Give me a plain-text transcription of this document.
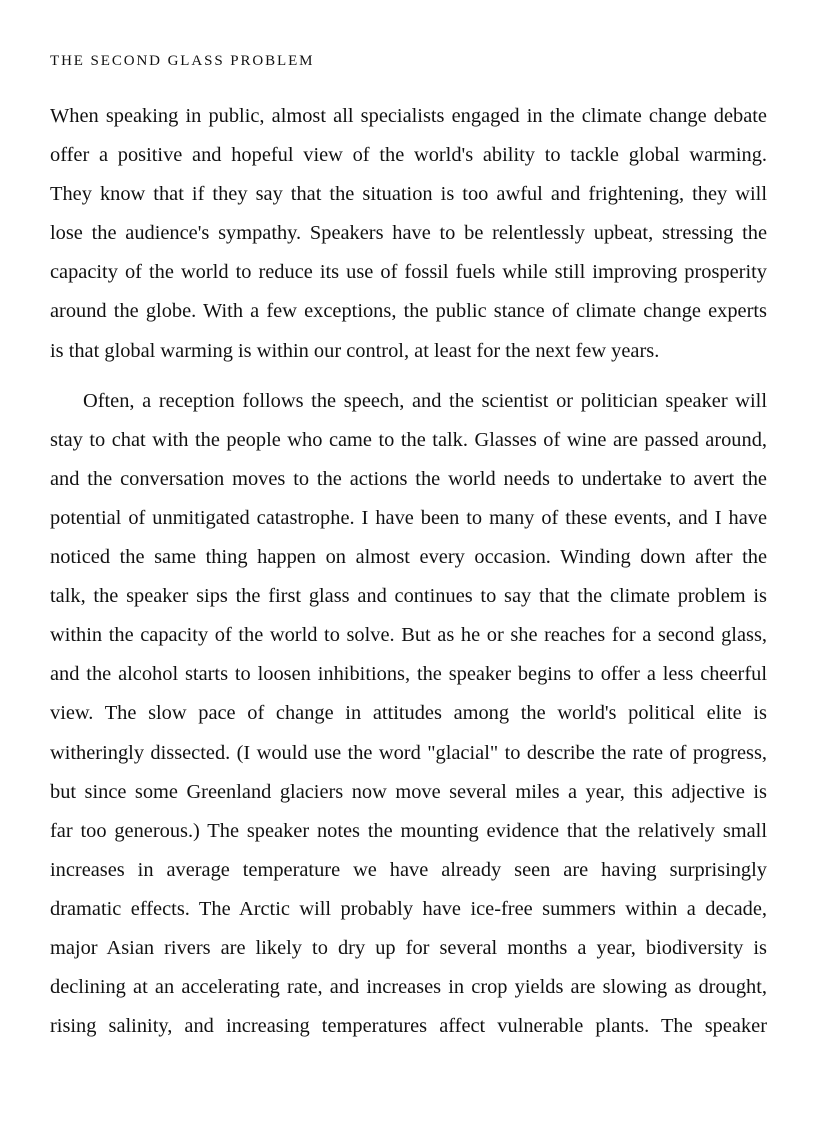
THE SECOND GLASS PROBLEM

When speaking in public, almost all specialists engaged in the climate change debate
offer a positive and hopeful view of the world's ability to tackle global warming.
They know that if they say that the situation is too awful and frightening, they will
lose the audience's sympathy. Speakers have to be relentlessly upbeat, stressing the
capacity of the world to reduce its use of fossil fuels while still improving prosperity
around the globe. With a few exceptions, the public stance of climate change experts
is that global warming is within our control, at least for the next few years.

Often, a reception follows the speech, and the scientist or politician speaker will
stay to chat with the people who came to the talk. Glasses of wine are passed around,
and the conversation moves to the actions the world needs to undertake to avert the
potential of unmitigated catastrophe. I have been to many of these events, and I have
noticed the same thing happen on almost every occasion. Winding down after the
talk, the speaker sips the first glass and continues to say that the climate problem is
within the capacity of the world to solve. But as he or she reaches for a second glass,
and the alcohol starts to loosen inhibitions, the speaker begins to offer a less cheerful
view. The slow pace of change in attitudes among the world's political elite is
witheringly dissected. (I would use the word "glacial" to describe the rate of progress,
but since some Greenland glaciers now move several miles a year, this adjective is
far too generous.) The speaker notes the mounting evidence that the relatively small
increases in average temperature we have already seen are having surprisingly
dramatic effects. The Arctic will probably have ice-free summers within a decade,
major Asian rivers are likely to dry up for several months a year, biodiversity is
declining at an accelerating rate, and increases in crop yields are slowing as drought,
rising salinity, and increasing temperatures affect vulnerable plants. The speaker
